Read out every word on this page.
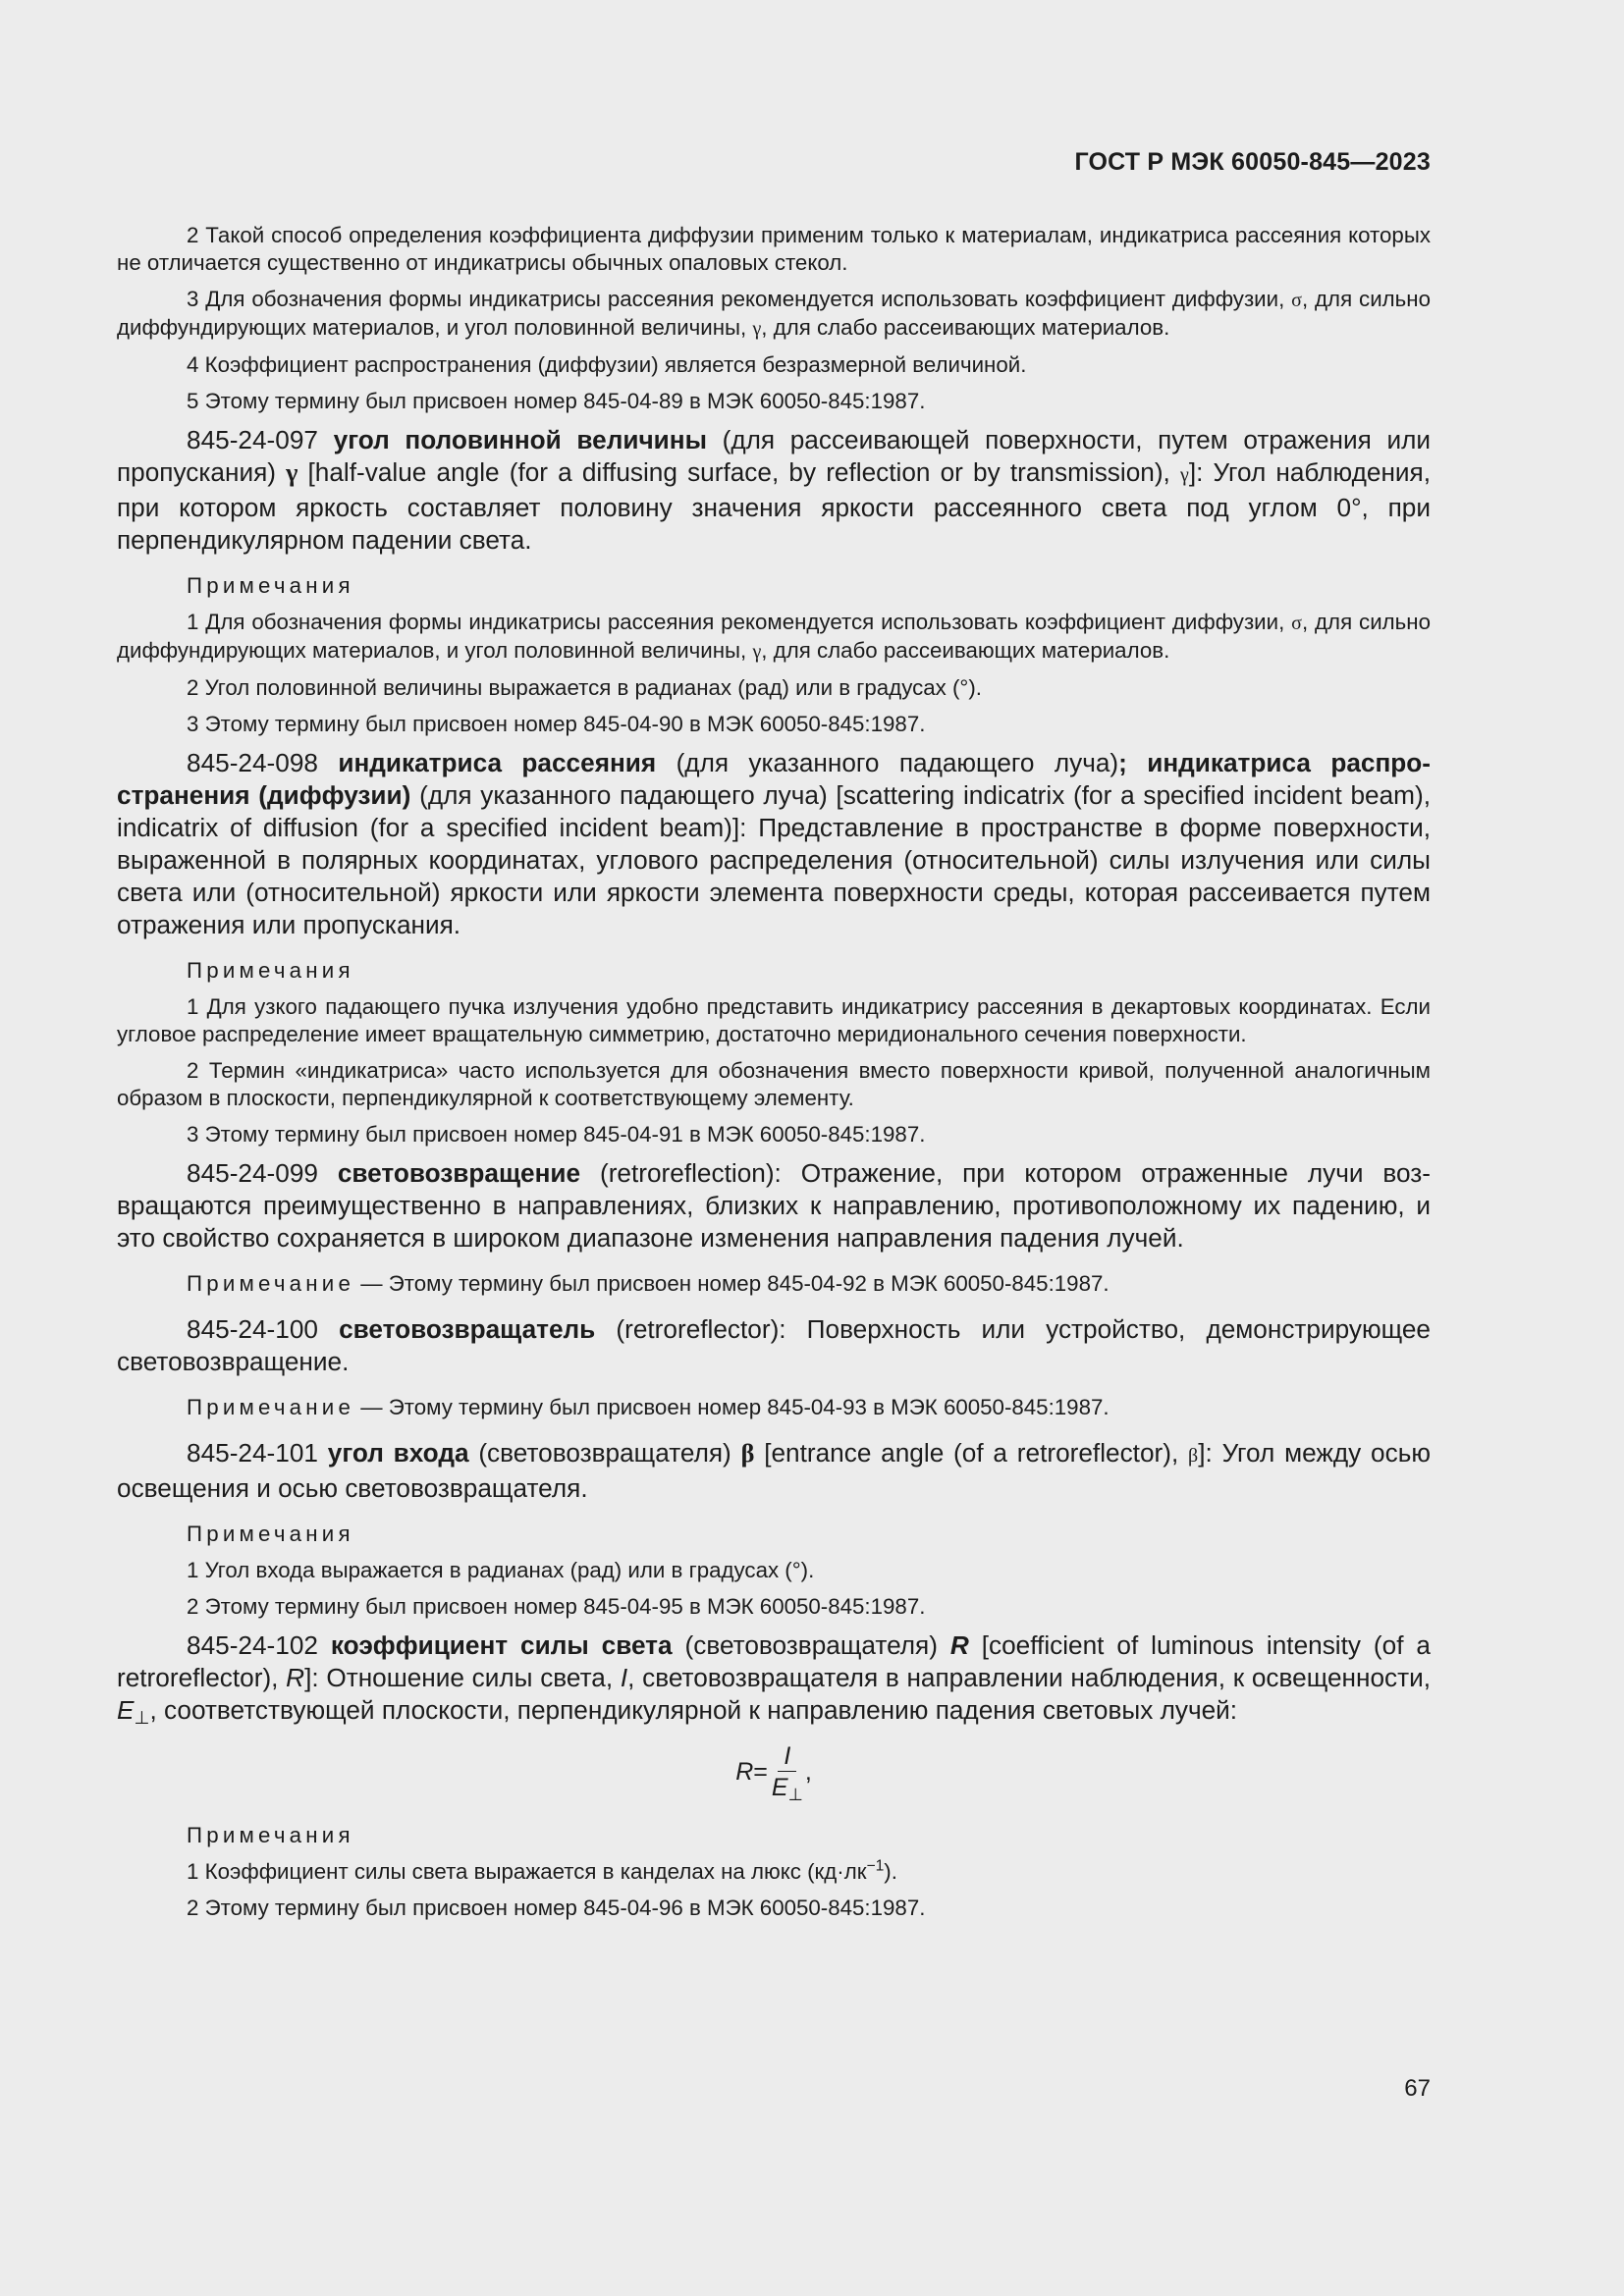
ГОСТ Р МЭК 60050-845—2023

2 Такой способ определения коэффициента диффузии применим только к материалам, индикатриса рассеяния которых не отличается существенно от индикатрисы обычных опаловых стекол.

3 Для обозначения формы индикатрисы рассеяния рекомендуется использовать коэффициент диффузии, σ, для сильно диффундирующих материалов, и угол половинной величины, γ, для слабо рассеивающих материалов.

4 Коэффициент распространения (диффузии) является безразмерной величиной.

5 Этому термину был присвоен номер 845-04-89 в МЭК 60050-845:1987.

845-24-097 угол половинной величины (для рассеивающей поверхности, путем отражения или пропускания) γ [half-value angle (for a diffusing surface, by reflection or by transmission), γ]: Угол наблюдения, при котором яркость составляет половину значения яркости рассеянного света под углом 0°, при перпендикулярном падении света.

Примечания

1 Для обозначения формы индикатрисы рассеяния рекомендуется использовать коэффициент диффузии, σ, для сильно диффундирующих материалов, и угол половинной величины, γ, для слабо рассеивающих материалов.

2 Угол половинной величины выражается в радианах (рад) или в градусах (°).

3 Этому термину был присвоен номер 845-04-90 в МЭК 60050-845:1987.

845-24-098 индикатриса рассеяния (для указанного падающего луча); индикатриса распространения (диффузии) (для указанного падающего луча) [scattering indicatrix (for a specified incident beam), indicatrix of diffusion (for a specified incident beam)]: Представление в пространстве в форме поверхности, выраженной в полярных координатах, углового распределения (относительной) силы излучения или силы света или (относительной) яркости или яркости элемента поверхности среды, которая рассеивается путем отражения или пропускания.

Примечания

1 Для узкого падающего пучка излучения удобно представить индикатрису рассеяния в декартовых координатах. Если угловое распределение имеет вращательную симметрию, достаточно меридионального сечения поверхности.

2 Термин «индикатриса» часто используется для обозначения вместо поверхности кривой, полученной аналогичным образом в плоскости, перпендикулярной к соответствующему элементу.

3 Этому термину был присвоен номер 845-04-91 в МЭК 60050-845:1987.

845-24-099 световозвращение (retroreflection): Отражение, при котором отраженные лучи возвращаются преимущественно в направлениях, близких к направлению, противоположному их падению, и это свойство сохраняется в широком диапазоне изменения направления падения лучей.

Примечание — Этому термину был присвоен номер 845-04-92 в МЭК 60050-845:1987.

845-24-100 световозвращатель (retroreflector): Поверхность или устройство, демонстрирующее световозвращение.

Примечание — Этому термину был присвоен номер 845-04-93 в МЭК 60050-845:1987.

845-24-101 угол входа (световозвращателя) β [entrance angle (of a retroreflector), β]: Угол между осью освещения и осью световозвращателя.

Примечания

1 Угол входа выражается в радианах (рад) или в градусах (°).

2 Этому термину был присвоен номер 845-04-95 в МЭК 60050-845:1987.

845-24-102 коэффициент силы света (световозвращателя) R [coefficient of luminous intensity (of a retroreflector), R]: Отношение силы света, I, световозвращателя в направлении наблюдения, к освещенности, $E_\perp$, соответствующей плоскости, перпендикулярной к направлению падения световых лучей:

$R = \frac{I}{E_\perp}$ ,

Примечания

1 Коэффициент силы света выражается в канделах на люкс $(кд\cdot лк^{-1})$.

2 Этому термину был присвоен номер 845-04-96 в МЭК 60050-845:1987.

67
